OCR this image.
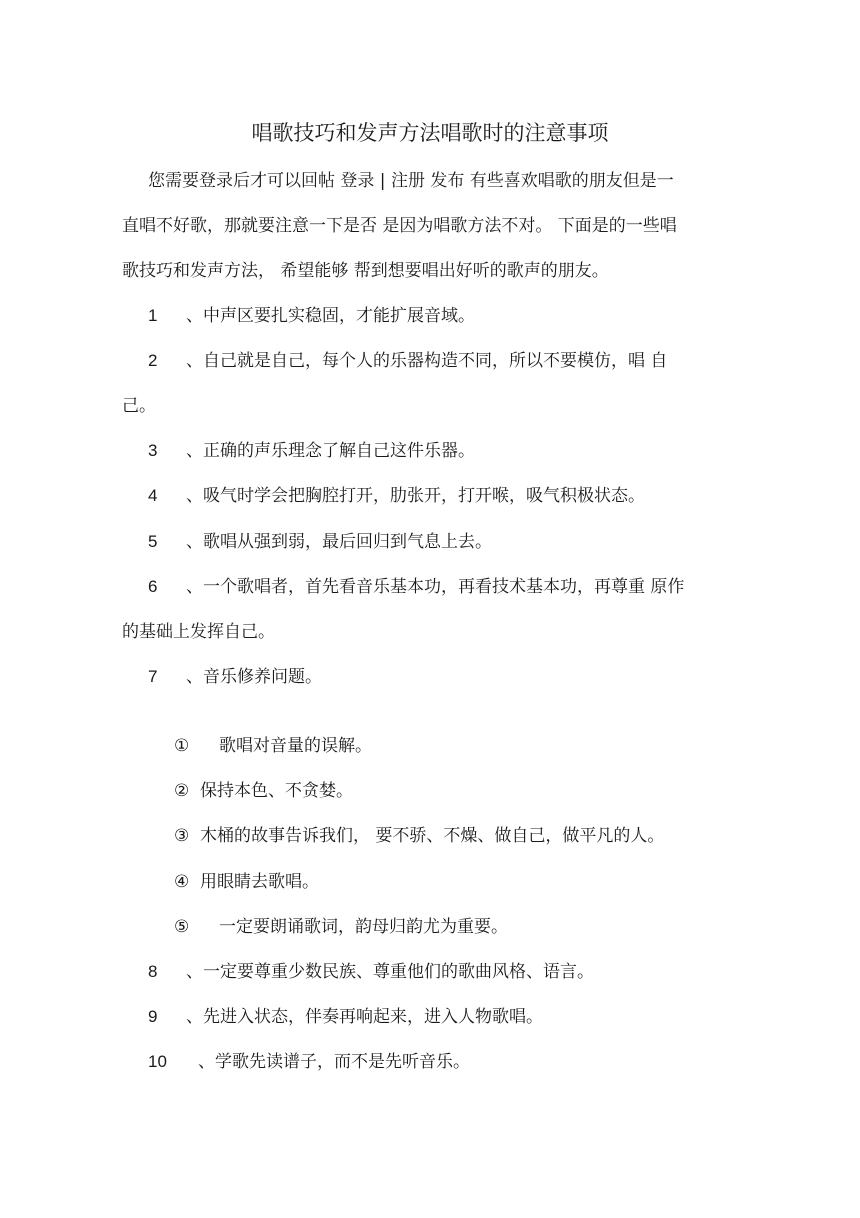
唱歌技巧和发声方法唱歌时的注意事项
您需要登录后才可以回帖 登录 | 注册 发布 有些喜欢唱歌的朋友但是一
直唱不好歌，那就要注意一下是否 是因为唱歌方法不对。 下面是的一些唱
歌技巧和发声方法， 希望能够 帮到想要唱出好听的歌声的朋友。
1 、中声区要扎实稳固，才能扩展音域。
2 、自己就是自己，每个人的乐器构造不同，所以不要模仿，唱 自
己。
3 、正确的声乐理念了解自己这件乐器。
4 、吸气时学会把胸腔打开，肋张开，打开喉，吸气积极状态。
5 、歌唱从强到弱，最后回归到气息上去。
6 、一个歌唱者，首先看音乐基本功，再看技术基本功，再尊重 原作
的基础上发挥自己。
7 、音乐修养问题。
① 歌唱对音量的误解。
② 保持本色、不贪婪。
③ 木桶的故事告诉我们， 要不骄、不燥、做自己，做平凡的人。
④ 用眼睛去歌唱。
⑤ 一定要朗诵歌词，韵母归韵尤为重要。
8 、一定要尊重少数民族、尊重他们的歌曲风格、语言。
9 、先进入状态，伴奏再响起来，进入人物歌唱。
10 、学歌先读谱子，而不是先听音乐。
